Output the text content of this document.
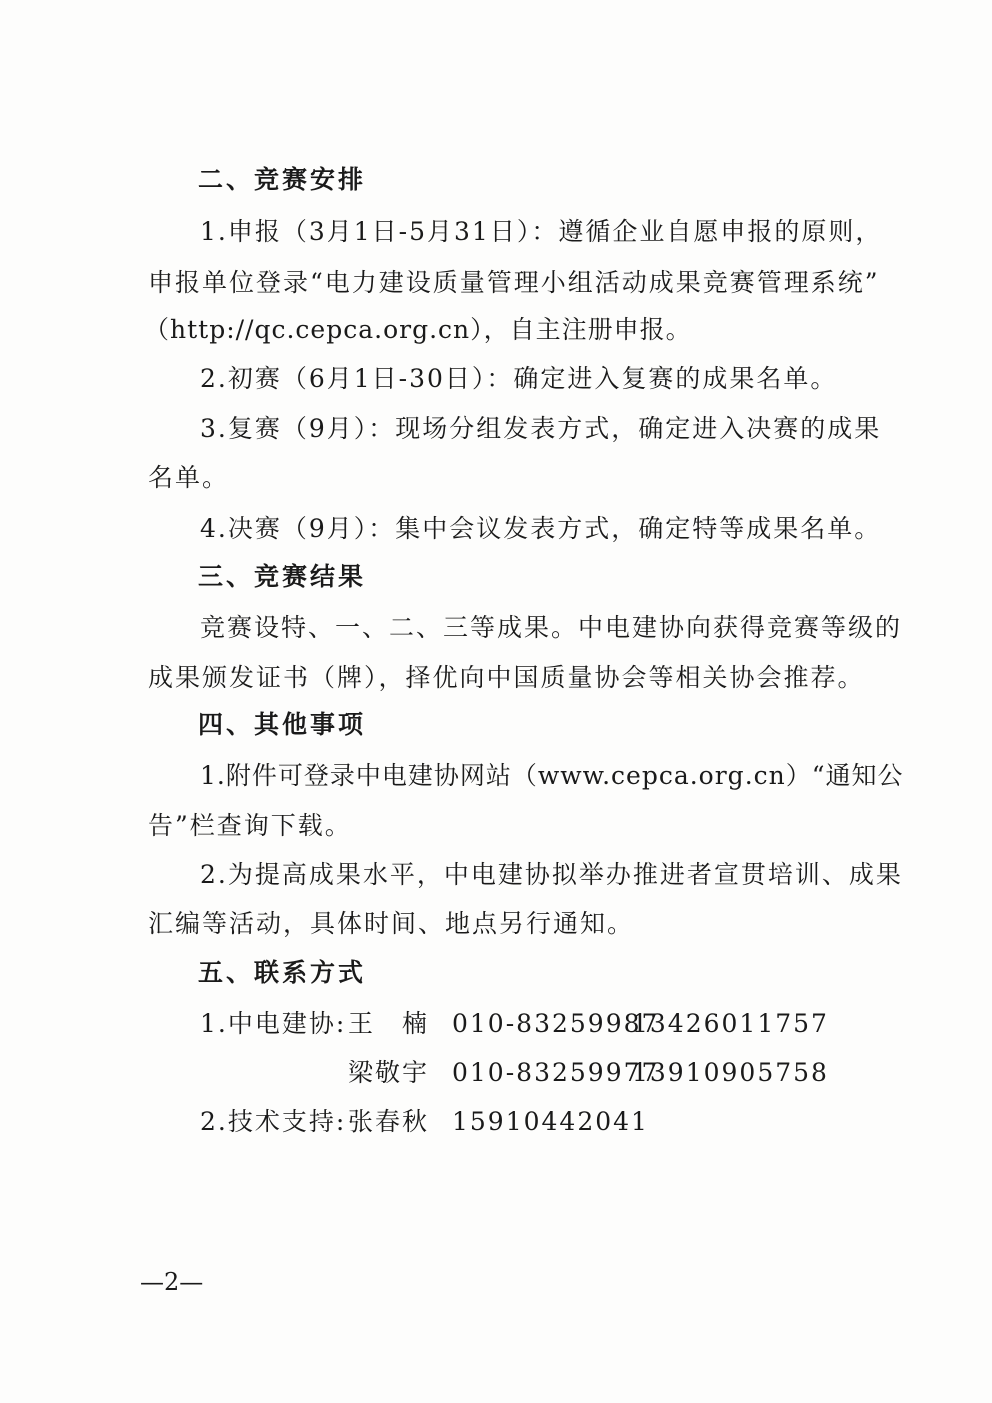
二、竞赛安排
1.申报（3月1日-5月31日）：遵循企业自愿申报的原则，
申报单位登录“电力建设质量管理小组活动成果竞赛管理系统”
（http://qc.cepca.org.cn），自主注册申报。
2.初赛（6月1日-30日）：确定进入复赛的成果名单。
3.复赛（9月）：现场分组发表方式，确定进入决赛的成果
名单。
4.决赛（9月）：集中会议发表方式，确定特等成果名单。
三、竞赛结果
竞赛设特、一、二、三等成果。中电建协向获得竞赛等级的
成果颁发证书（牌），择优向中国质量协会等相关协会推荐。
四、其他事项
1.附件可登录中电建协网站（www.cepca.org.cn）“通知公
告”栏查询下载。
2.为提高成果水平，中电建协拟举办推进者宣贯培训、成果
汇编等活动，具体时间、地点另行通知。
五、联系方式
1.中电建协: 王　楠 010-83259987
13426011757
梁敬宇 010-83259977
13910905758
2.技术支持: 张春秋 15910442041
—2—
